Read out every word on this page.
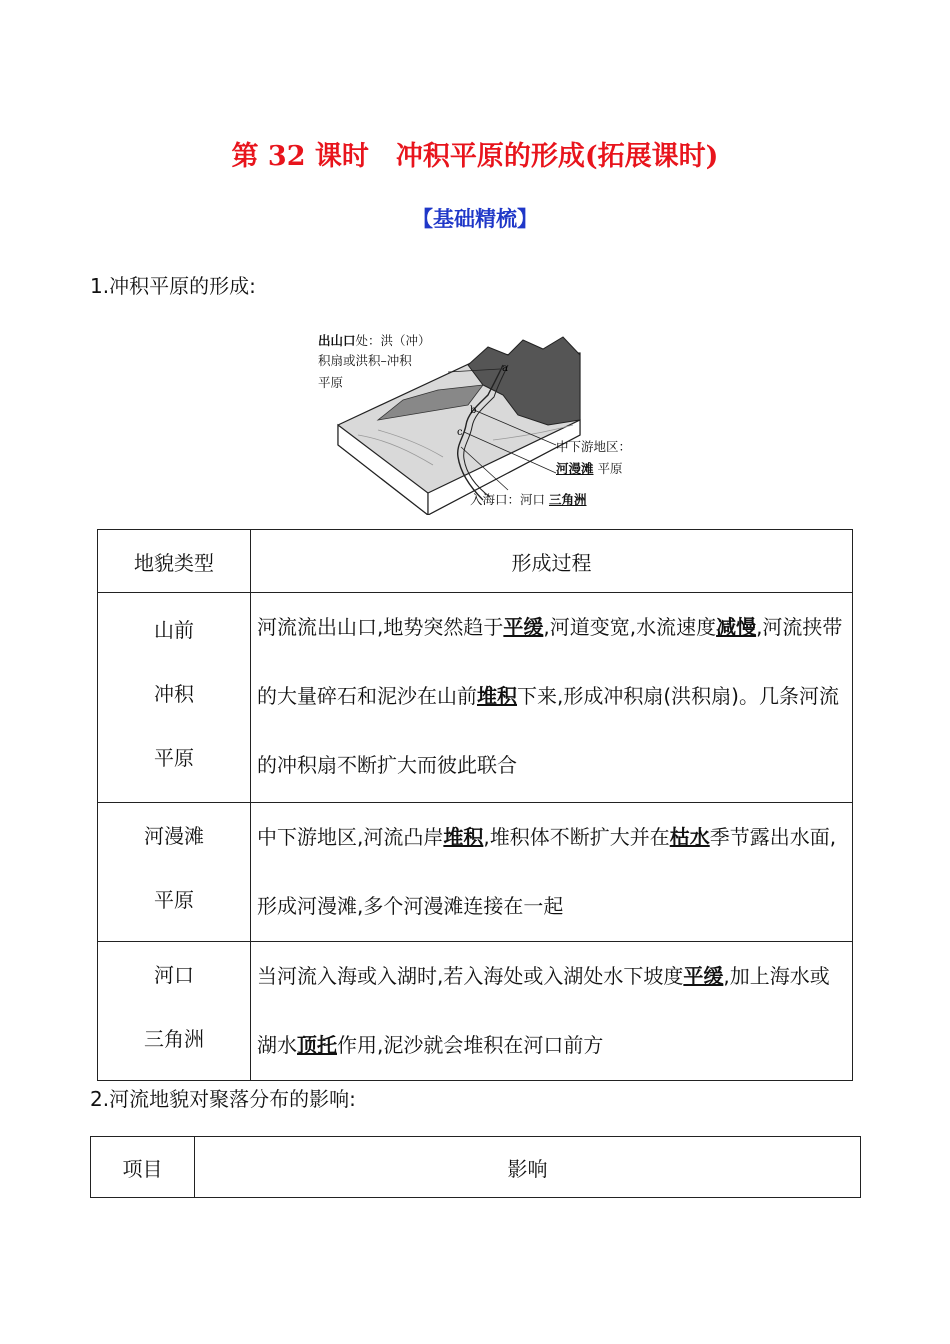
第 32 课时　冲积平原的形成(拓展课时)
【基础精梳】
1.冲积平原的形成:
a
b
c
出山口处：洪（冲）
积扇或洪积–冲积
平原
中下游地区：
河漫滩 平原
入海口：河口 三角洲
地貌类型	形成过程

山前
冲积
平原	河流流出山口,地势突然趋于平缓,河道变宽,水流速度减慢,河流挟带的大量碎石和泥沙在山前堆积下来,形成冲积扇(洪积扇)。几条河流的冲积扇不断扩大而彼此联合

河漫滩
平原	中下游地区,河流凸岸堆积,堆积体不断扩大并在枯水季节露出水面,形成河漫滩,多个河漫滩连接在一起

河口
三角洲	当河流入海或入湖时,若入海处或入湖处水下坡度平缓,加上海水或湖水顶托作用,泥沙就会堆积在河口前方
2.河流地貌对聚落分布的影响:
项目	影响
